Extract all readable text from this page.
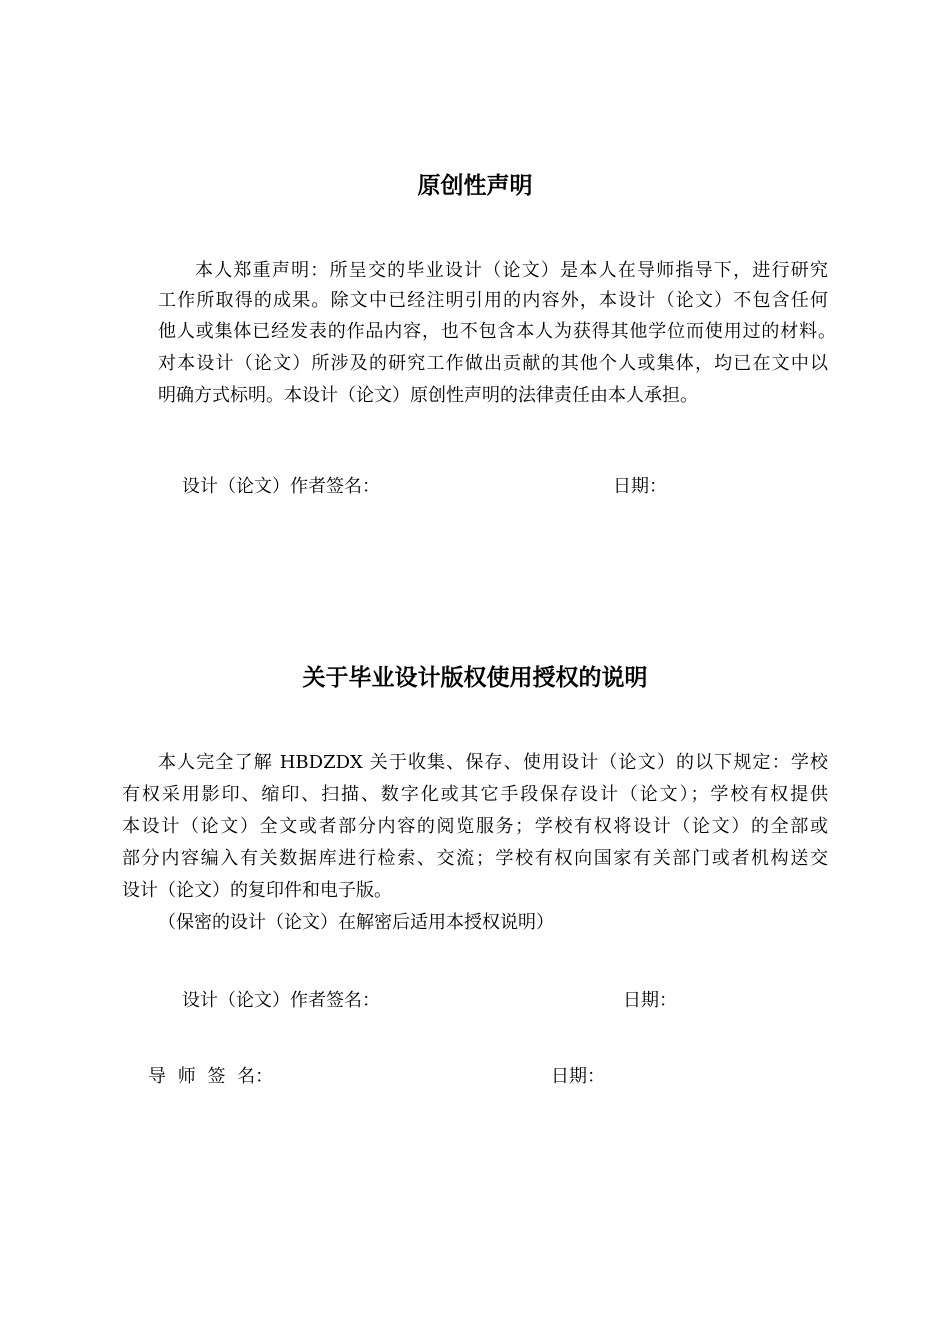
原创性声明
本人郑重声明：所呈交的毕业设计（论文）是本人在导师指导下，进行研究
工作所取得的成果。除文中已经注明引用的内容外，本设计（论文）不包含任何
他人或集体已经发表的作品内容，也不包含本人为获得其他学位而使用过的材料。
对本设计（论文）所涉及的研究工作做出贡献的其他个人或集体，均已在文中以
明确方式标明。本设计（论文）原创性声明的法律责任由本人承担。
设计（论文）作者签名：	日期：
关于毕业设计版权使用授权的说明
本人完全了解 HBDZDX 关于收集、保存、使用设计（论文）的以下规定：学校
有权采用影印、缩印、扫描、数字化或其它手段保存设计（论文）；学校有权提供
本设计（论文）全文或者部分内容的阅览服务；学校有权将设计（论文）的全部或
部分内容编入有关数据库进行检索、交流；学校有权向国家有关部门或者机构送交
设计（论文）的复印件和电子版。
（保密的设计（论文）在解密后适用本授权说明）
设计（论文）作者签名：	日期：
导 师 签 名：	日期：
